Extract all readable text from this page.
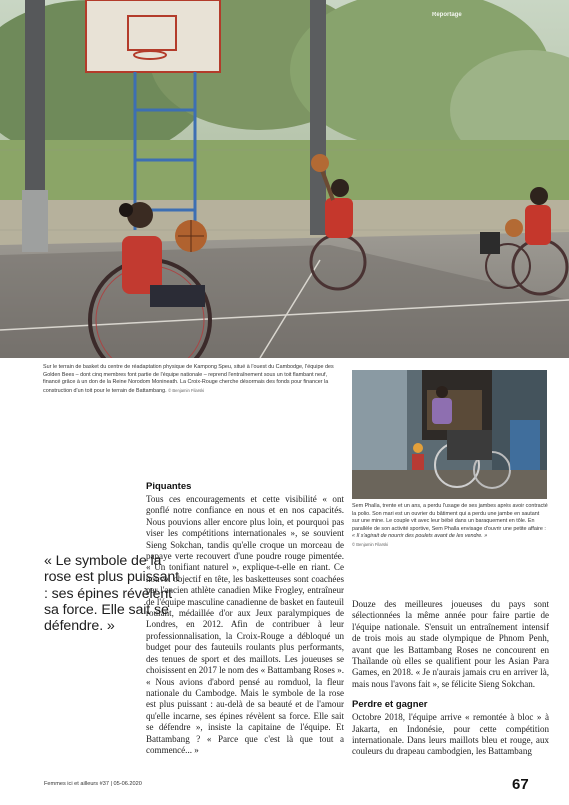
Reportage
Sur le terrain de basket du centre de réadaptation physique de Kampong Speu, situé à l'ouest du Cambodge, l'équipe des Golden Bees – dont cinq membres font partie de l'équipe nationale – reprend l'entraînement sous un toit flambant neuf, financé grâce à un don de la Reine Norodom Monineath. La Croix-Rouge cherche désormais des fonds pour financer la construction d'un toit pour le terrain de Battambang. © Benjamin Filarski
Sem Phalla, trente et un ans, a perdu l'usage de ses jambes après avoir contracté la polio. Son mari est un ouvrier du bâtiment qui a perdu une jambe en sautant sur une mine. Le couple vit avec leur bébé dans un baraquement en tôle. En parallèle de son activité sportive, Sem Phalla envisage d'ouvrir une petite affaire : « Il s'agirait de nourrir des poulets avant de les vendre. »
© Benjamin Filarski
« Le symbole de la rose est plus puissant : ses épines révèlent sa force. Elle sait se défendre. »
Piquantes
Tous ces encouragements et cette visibilité « ont gonflé notre confiance en nous et en nos capacités. Nous pouvions aller encore plus loin, et pourquoi pas viser les compétitions internationales », se souvient Sieng Sokchan, tandis qu'elle croque un morceau de papaye verte recouvert d'une poudre rouge pimentée. « Un tonifiant naturel », explique-t-elle en riant. Ce nouvel objectif en tête, les basketteuses sont coachées par l'ancien athlète canadien Mike Frogley, entraîneur de l'équipe masculine canadienne de basket en fauteuil roulant, médaillée d'or aux Jeux paralympiques de Londres, en 2012. Afin de contribuer à leur professionnalisation, la Croix-Rouge a débloqué un budget pour des fauteuils roulants plus performants, des tenues de sport et des maillots. Les joueuses se choisissent en 2017 le nom des « Battambang Roses ». « Nous avions d'abord pensé au romduol, la fleur nationale du Cambodge. Mais le symbole de la rose est plus puissant : au-delà de sa beauté et de l'amour qu'elle incarne, ses épines révèlent sa force. Elle sait se défendre », insiste la capitaine de l'équipe. Et Battambang ? « Parce que c'est là que tout a commencé... »
Douze des meilleures joueuses du pays sont sélectionnées la même année pour faire partie de l'équipe nationale. S'ensuit un entraînement intensif de trois mois au stade olympique de Phnom Penh, avant que les Battambang Roses ne concourent en Thaïlande où elles se qualifient pour les Asian Para Games, en 2018. « Je n'aurais jamais cru en arriver là, mais nous l'avons fait », se félicite Sieng Sokchan.
Perdre et gagner
Octobre 2018, l'équipe arrive « remontée à bloc » à Jakarta, en Indonésie, pour cette compétition internationale. Dans leurs maillots bleu et rouge, aux couleurs du drapeau cambodgien, les Battambang
Femmes ici et ailleurs #37 | 05-06.2020	67
